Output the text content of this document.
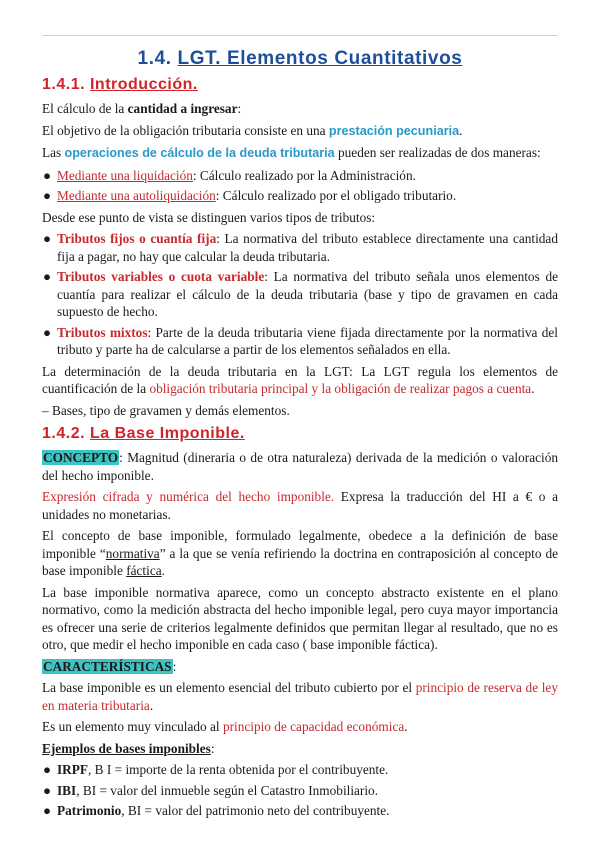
1.4. LGT. Elementos Cuantitativos
1.4.1. Introducción.

El cálculo de la cantidad a ingresar:

El objetivo de la obligación tributaria consiste en una prestación pecuniaria.

Las operaciones de cálculo de la deuda tributaria pueden ser realizadas de dos maneras:

● Mediante una liquidación: Cálculo realizado por la Administración.
● Mediante una autoliquidación: Cálculo realizado por el obligado tributario.

Desde ese punto de vista se distinguen varios tipos de tributos:

● Tributos fijos o cuantía fija: La normativa del tributo establece directamente una cantidad fija a pagar, no hay que calcular la deuda tributaria.
● Tributos variables o cuota variable: La normativa del tributo señala unos elementos de cuantía para realizar el cálculo de la deuda tributaria (base y tipo de gravamen en cada supuesto de hecho.
● Tributos mixtos: Parte de la deuda tributaria viene fijada directamente por la normativa del tributo y parte ha de calcularse a partir de los elementos señalados en ella.

La determinación de la deuda tributaria en la LGT: La LGT regula los elementos de cuantificación de la obligación tributaria principal y la obligación de realizar pagos a cuenta.

– Bases, tipo de gravamen y demás elementos.

1.4.2. La Base Imponible.

CONCEPTO: Magnitud (dineraria o de otra naturaleza) derivada de la medición o valoración del hecho imponible.

Expresión cifrada y numérica del hecho imponible. Expresa la traducción del HI a € o a unidades no monetarias.

El concepto de base imponible, formulado legalmente, obedece a la definición de base imponible “normativa” a la que se venía refiriendo la doctrina en contraposición al concepto de base imponible fáctica.

La base imponible normativa aparece, como un concepto abstracto existente en el plano normativo, como la medición abstracta del hecho imponible legal, pero cuya mayor importancia es ofrecer una serie de criterios legalmente definidos que permitan llegar al resultado, que no es otro, que medir el hecho imponible en cada caso ( base imponible fáctica).

CARACTERÍSTICAS:

La base imponible es un elemento esencial del tributo cubierto por el principio de reserva de ley en materia tributaria.

Es un elemento muy vinculado al principio de capacidad económica.

Ejemplos de bases imponibles:

● IRPF, B I = importe de la renta obtenida por el contribuyente.
● IBI, BI = valor del inmueble según el Catastro Inmobiliario.
● Patrimonio, BI = valor del patrimonio neto del contribuyente.
